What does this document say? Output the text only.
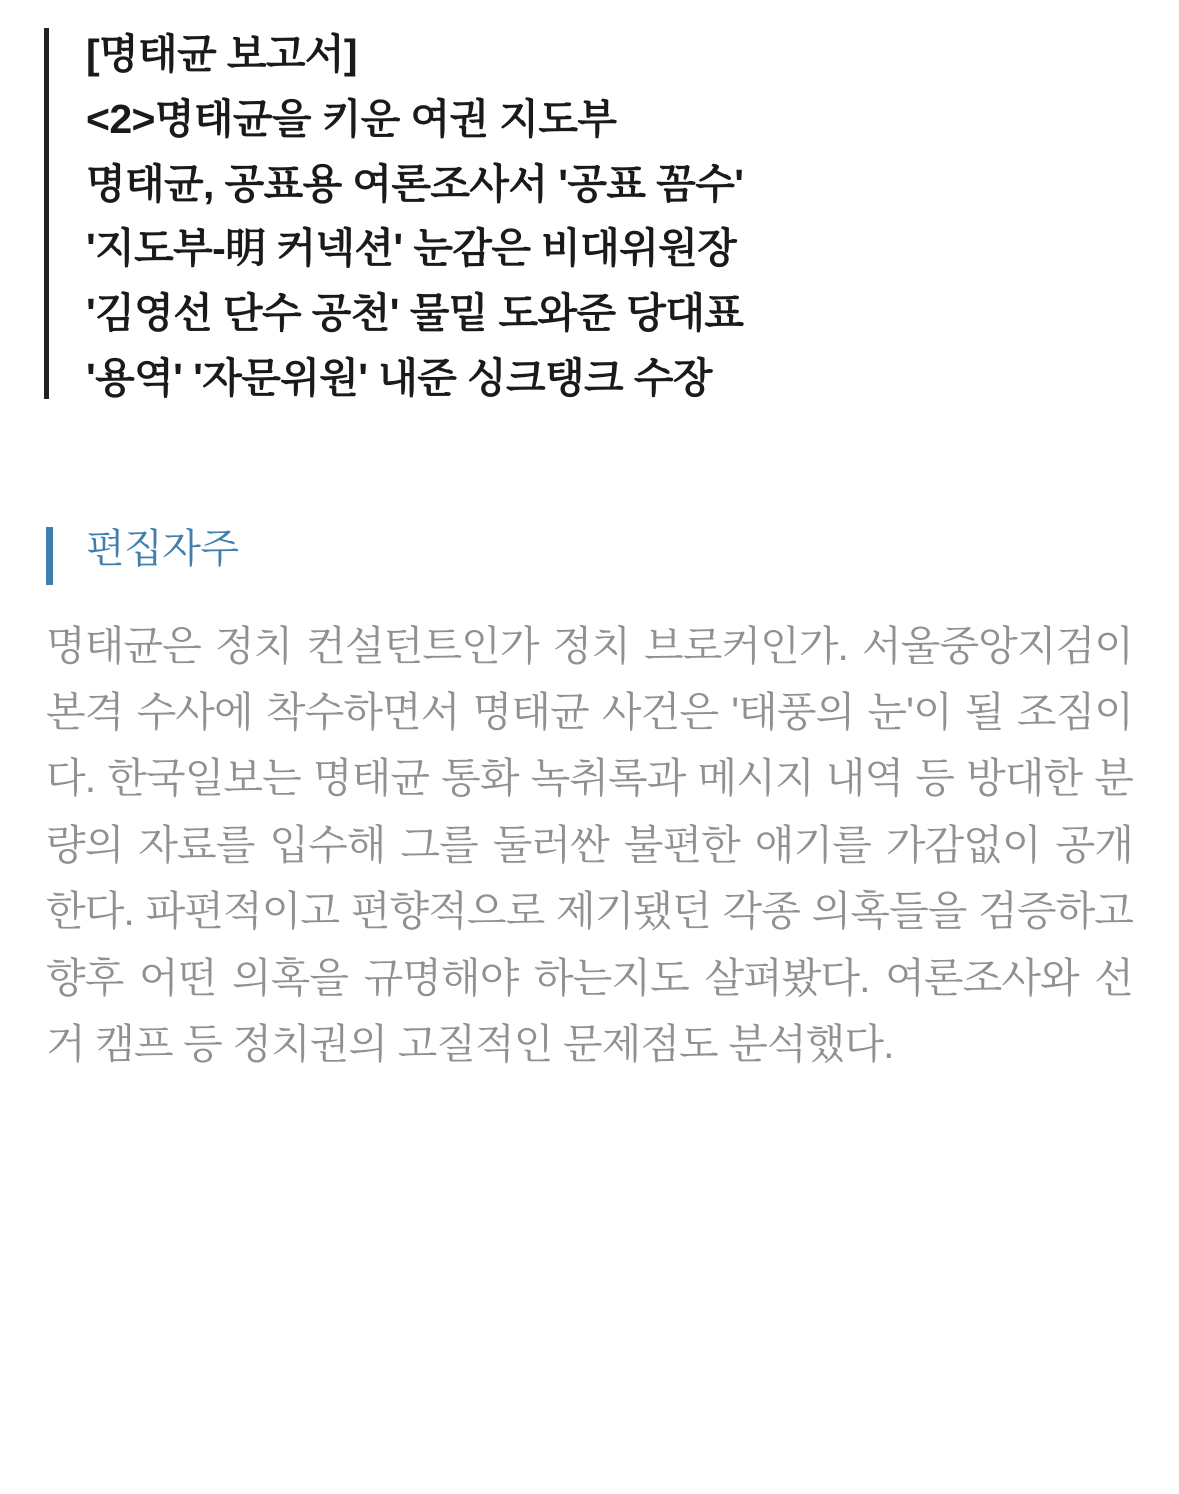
[명태균 보고서]
<2>명태균을 키운 여권 지도부
명태균, 공표용 여론조사서 '공표 꼼수'
'지도부-明 커넥션' 눈감은 비대위원장
'김영선 단수 공천' 물밑 도와준 당대표
'용역' '자문위원' 내준 싱크탱크 수장
편집자주

명태균은 정치 컨설턴트인가 정치 브로커인가. 서울중앙지검이 본격 수사에 착수하면서 명태균 사건은 '태풍의 눈'이 될 조짐이다. 한국일보는 명태균 통화 녹취록과 메시지 내역 등 방대한 분량의 자료를 입수해 그를 둘러싼 불편한 얘기를 가감없이 공개한다. 파편적이고 편향적으로 제기됐던 각종 의혹들을 검증하고 향후 어떤 의혹을 규명해야 하는지도 살펴봤다. 여론조사와 선거 캠프 등 정치권의 고질적인 문제점도 분석했다.
